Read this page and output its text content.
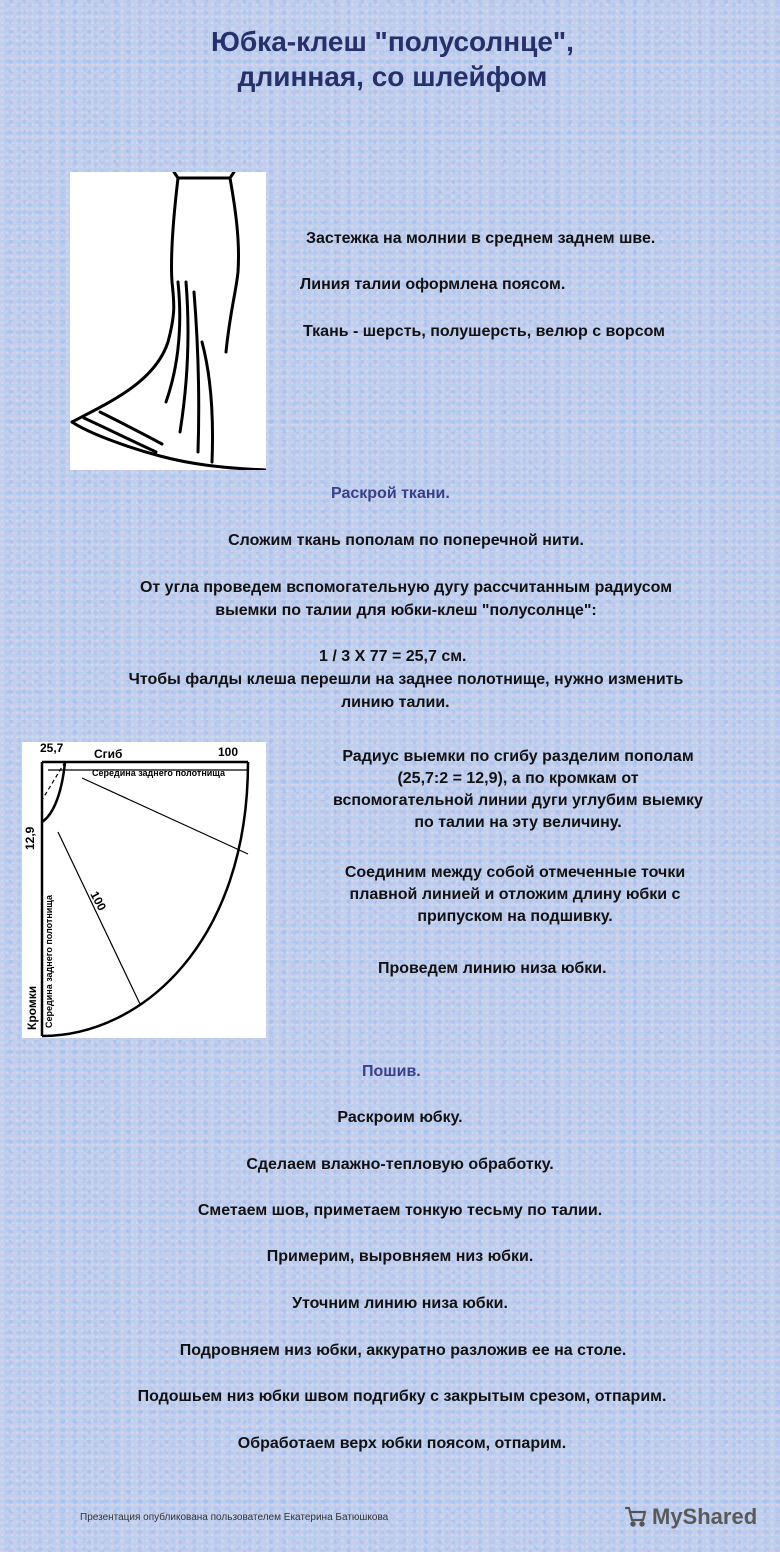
Юбка-клеш "полусолнце",
длинная, со шлейфом
Застежка на молнии в среднем заднем шве.
Линия талии оформлена поясом.
Ткань - шерсть, полушерсть, велюр с ворсом
Раскрой ткани.
Сложим ткань пополам по поперечной нити.
От угла проведем вспомогательную дугу рассчитанным радиусом
выемки по талии для юбки-клеш "полусолнце":
1 / 3 X 77 = 25,7 см.
Чтобы фалды клеша перешли на заднее полотнище, нужно изменить
линию талии.
25,7	Сгиб	100
Середина заднего полотнища
12,9
Середина заднего полотнища
Кромки
100
Радиус выемки по сгибу разделим пополам
(25,7:2 = 12,9), а по кромкам от
вспомогательной линии дуги углубим выемку
по талии на эту величину.
Соединим между собой отмеченные точки
плавной линией и отложим длину юбки с
припуском на подшивку.
Проведем линию низа юбки.
Пошив.
Раскроим юбку.
Сделаем влажно-тепловую обработку.
Сметаем шов, приметаем тонкую тесьму по талии.
Примерим, выровняем низ юбки.
Уточним линию низа юбки.
Подровняем низ юбки, аккуратно разложив ее на столе.
Подошьем низ юбки швом подгибку с закрытым срезом, отпарим.
Обработаем верх юбки поясом, отпарим.
Презентация опубликована пользователем Екатерина Батюшкова	MyShared
